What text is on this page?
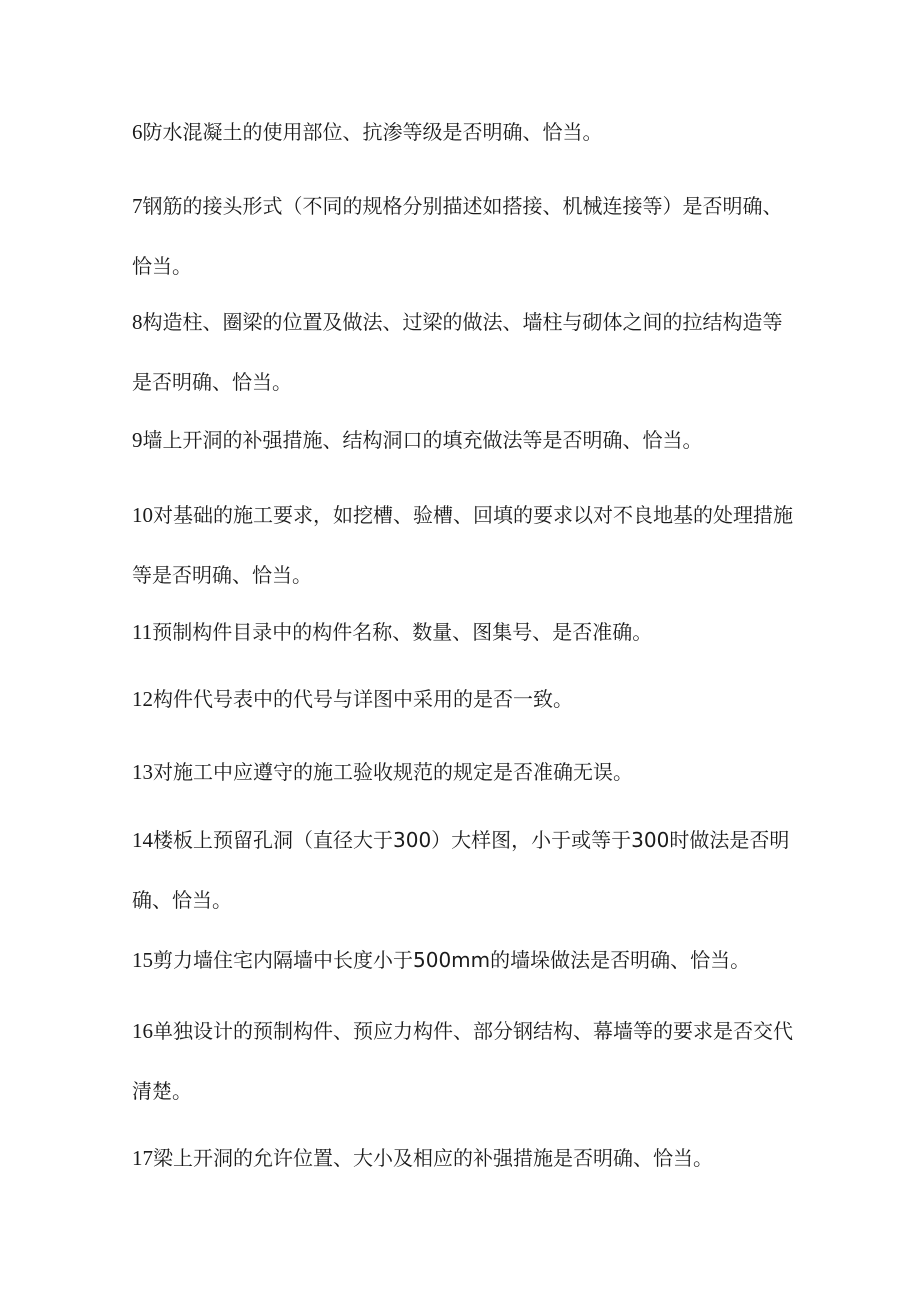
6防水混凝土的使用部位、抗渗等级是否明确、恰当。

7钢筋的接头形式（不同的规格分别描述如搭接、机械连接等）是否明确、恰当。

8构造柱、圈梁的位置及做法、过梁的做法、墙柱与砌体之间的拉结构造等是否明确、恰当。

9墙上开洞的补强措施、结构洞口的填充做法等是否明确、恰当。

10对基础的施工要求，如挖槽、验槽、回填的要求以对不良地基的处理措施等是否明确、恰当。

11预制构件目录中的构件名称、数量、图集号、是否准确。

12构件代号表中的代号与详图中采用的是否一致。

13对施工中应遵守的施工验收规范的规定是否准确无误。

14楼板上预留孔洞（直径大于300）大样图，小于或等于300时做法是否明确、恰当。

15剪力墙住宅内隔墙中长度小于500mm的墙垛做法是否明确、恰当。

16单独设计的预制构件、预应力构件、部分钢结构、幕墙等的要求是否交代清楚。

17梁上开洞的允许位置、大小及相应的补强措施是否明确、恰当。
